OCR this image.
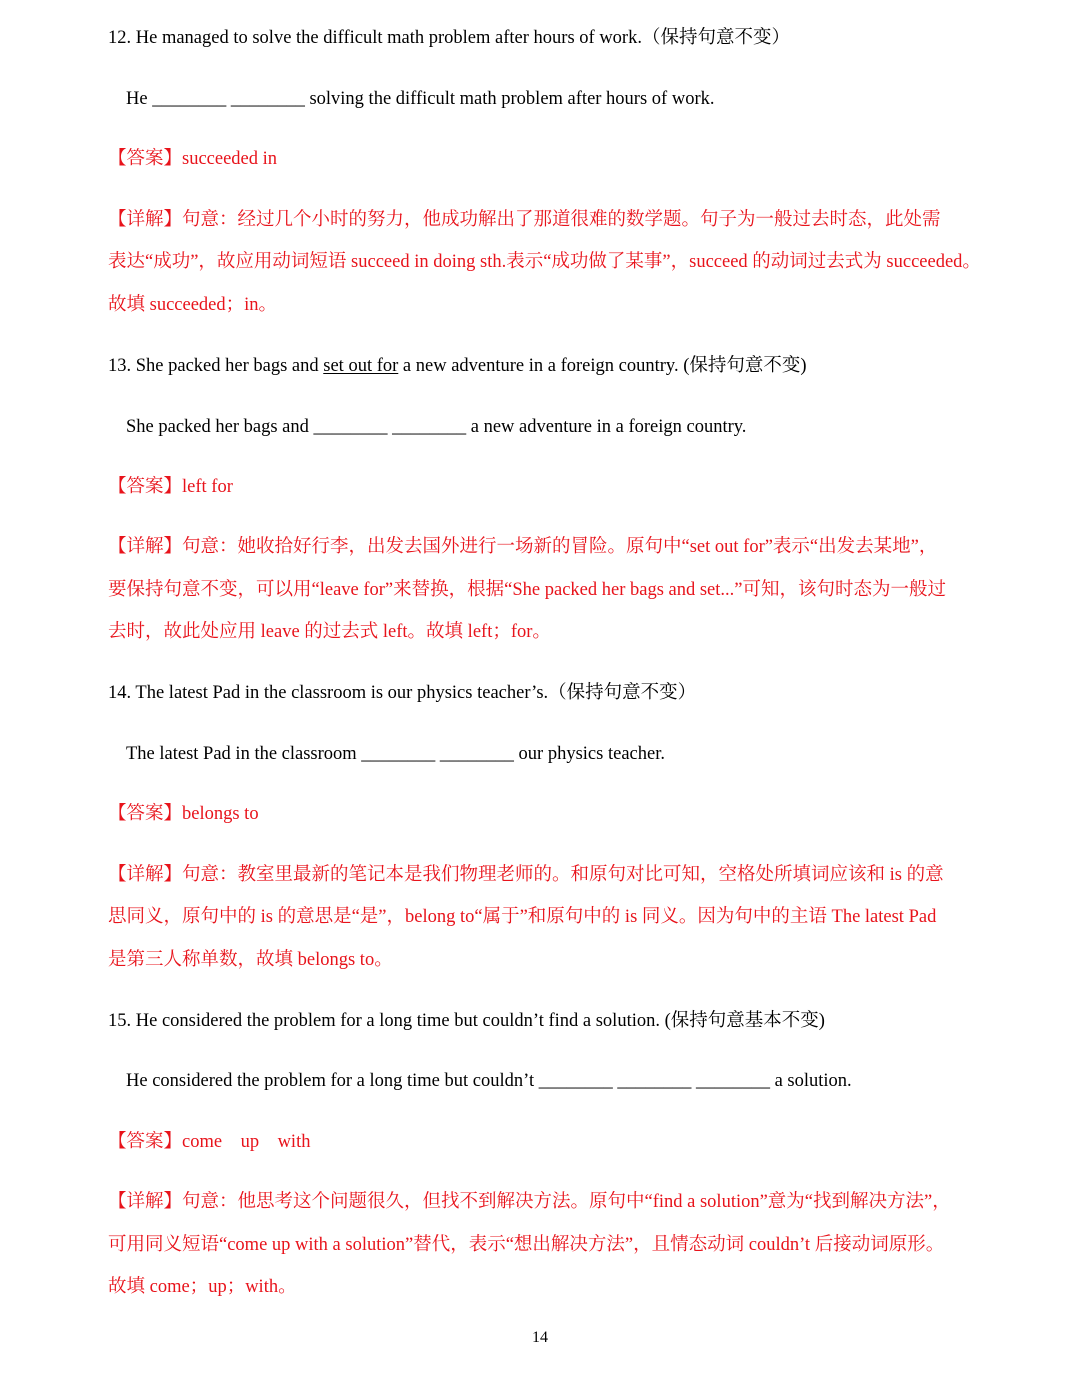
12. He managed to solve the difficult math problem after hours of work.（保持句意不变）
He ________ ________ solving the difficult math problem after hours of work.
【答案】succeeded in
【详解】句意：经过几个小时的努力，他成功解出了那道很难的数学题。句子为一般过去时态，此处需
表达“成功”，故应用动词短语 succeed in doing sth.表示“成功做了某事”，succeed 的动词过去式为 succeeded。
故填 succeeded；in。
13. She packed her bags and set out for a new adventure in a foreign country. (保持句意不变)
She packed her bags and ________ ________ a new adventure in a foreign country.
【答案】left for
【详解】句意：她收拾好行李，出发去国外进行一场新的冒险。原句中“set out for”表示“出发去某地”，
要保持句意不变，可以用“leave for”来替换，根据“She packed her bags and set...”可知，该句时态为一般过
去时，故此处应用 leave 的过去式 left。故填 left；for。
14. The latest Pad in the classroom is our physics teacher’s.（保持句意不变）
The latest Pad in the classroom ________ ________ our physics teacher.
【答案】belongs to
【详解】句意：教室里最新的笔记本是我们物理老师的。和原句对比可知，空格处所填词应该和 is 的意
思同义，原句中的 is 的意思是“是”，belong to“属于”和原句中的 is 同义。因为句中的主语 The latest Pad
是第三人称单数，故填 belongs to。
15. He considered the problem for a long time but couldn’t find a solution. (保持句意基本不变)
He considered the problem for a long time but couldn’t ________ ________ ________ a solution.
【答案】come    up    with
【详解】句意：他思考这个问题很久，但找不到解决方法。原句中“find a solution”意为“找到解决方法”，
可用同义短语“come up with a solution”替代，表示“想出解决方法”，且情态动词 couldn’t 后接动词原形。
故填 come；up；with。
14
